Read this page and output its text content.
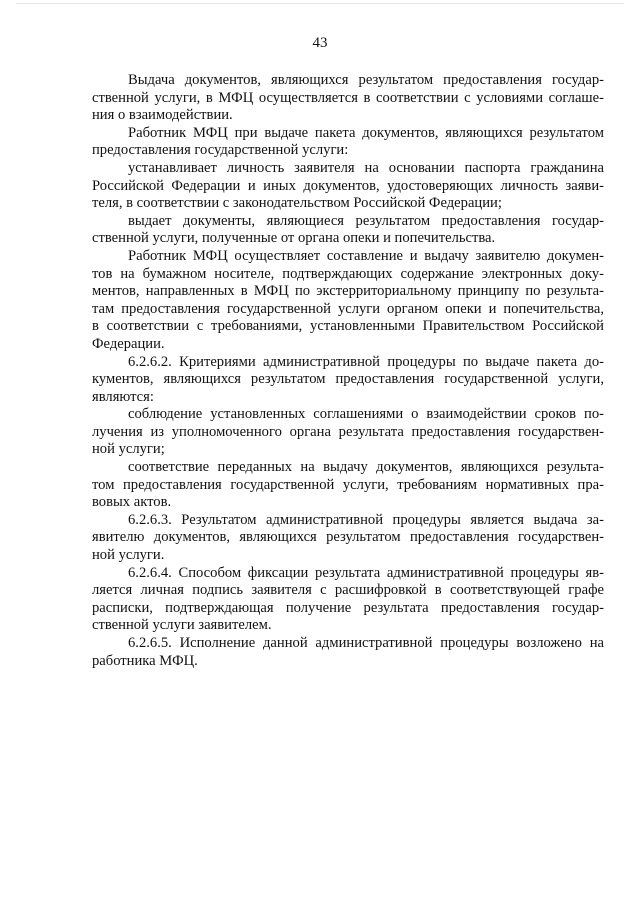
43
Выдача документов, являющихся результатом предоставления государ-
ственной услуги, в МФЦ осуществляется в соответствии с условиями соглаше-
ния о взаимодействии.
Работник МФЦ при выдаче пакета документов, являющихся результатом
предоставления государственной услуги:
устанавливает личность заявителя на основании паспорта гражданина
Российской Федерации и иных документов, удостоверяющих личность заяви-
теля, в соответствии с законодательством Российской Федерации;
выдает документы, являющиеся результатом предоставления государ-
ственной услуги, полученные от органа опеки и попечительства.
Работник МФЦ осуществляет составление и выдачу заявителю докумен-
тов на бумажном носителе, подтверждающих содержание электронных доку-
ментов, направленных в МФЦ по экстерриториальному принципу по результа-
там предоставления государственной услуги органом опеки и попечительства,
в соответствии с требованиями, установленными Правительством Российской
Федерации.
6.2.6.2. Критериями административной процедуры по выдаче пакета до-
кументов, являющихся результатом предоставления государственной услуги,
являются:
соблюдение установленных соглашениями о взаимодействии сроков по-
лучения из уполномоченного органа результата предоставления государствен-
ной услуги;
соответствие переданных на выдачу документов, являющихся результа-
том предоставления государственной услуги, требованиям нормативных пра-
вовых актов.
6.2.6.3. Результатом административной процедуры является выдача за-
явителю документов, являющихся результатом предоставления государствен-
ной услуги.
6.2.6.4. Способом фиксации результата административной процедуры яв-
ляется личная подпись заявителя с расшифровкой в соответствующей графе
расписки, подтверждающая получение результата предоставления государ-
ственной услуги заявителем.
6.2.6.5. Исполнение данной административной процедуры возложено на
работника МФЦ.
